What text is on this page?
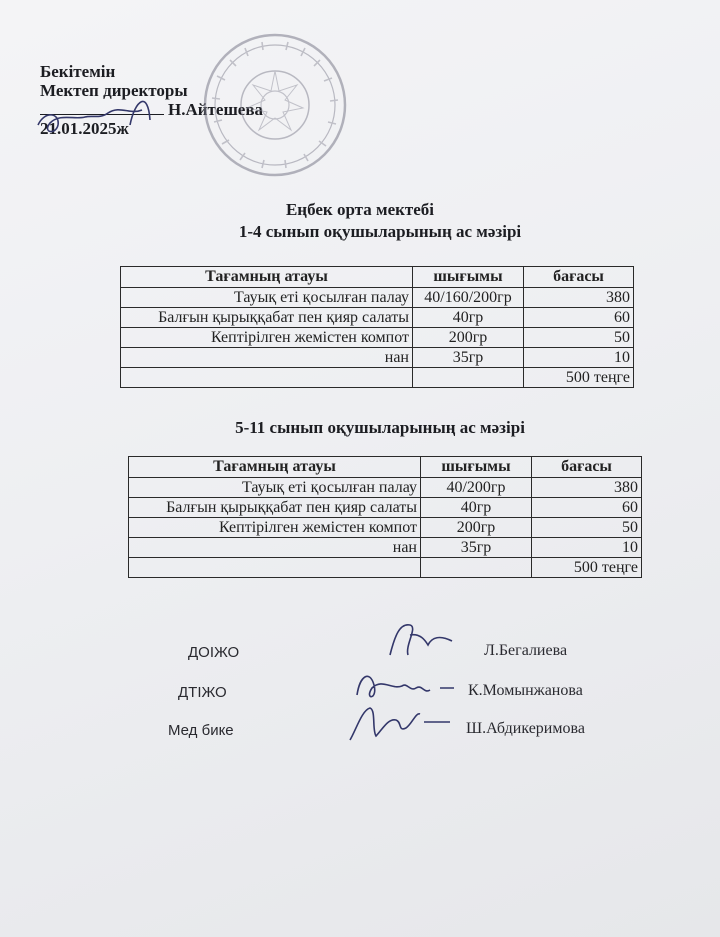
Бекітемін
Мектеп директоры
Н.Айтешева
21.01.2025ж
Еңбек орта мектебі
1-4 сынып оқушыларының ас мәзірі
Тағамның атауы	шығымы	бағасы
Тауық еті қосылған палау	40/160/200гр	380
Балғын қырыққабат пен қияр салаты	40гр	60
Кептірілген жемістен компот	200гр	50
нан	35гр	10
		500 теңге
5-11 сынып оқушыларының ас мәзірі
Тағамның атауы	шығымы	бағасы
Тауық еті қосылған палау	40/200гр	380
Балғын қырыққабат пен қияр салаты	40гр	60
Кептірілген жемістен компот	200гр	50
нан	35гр	10
		500 теңге
ДОІЖО	Л.Бегалиева
ДТІЖО	К.Момынжанова
Мед бике	Ш.Абдикеримова
